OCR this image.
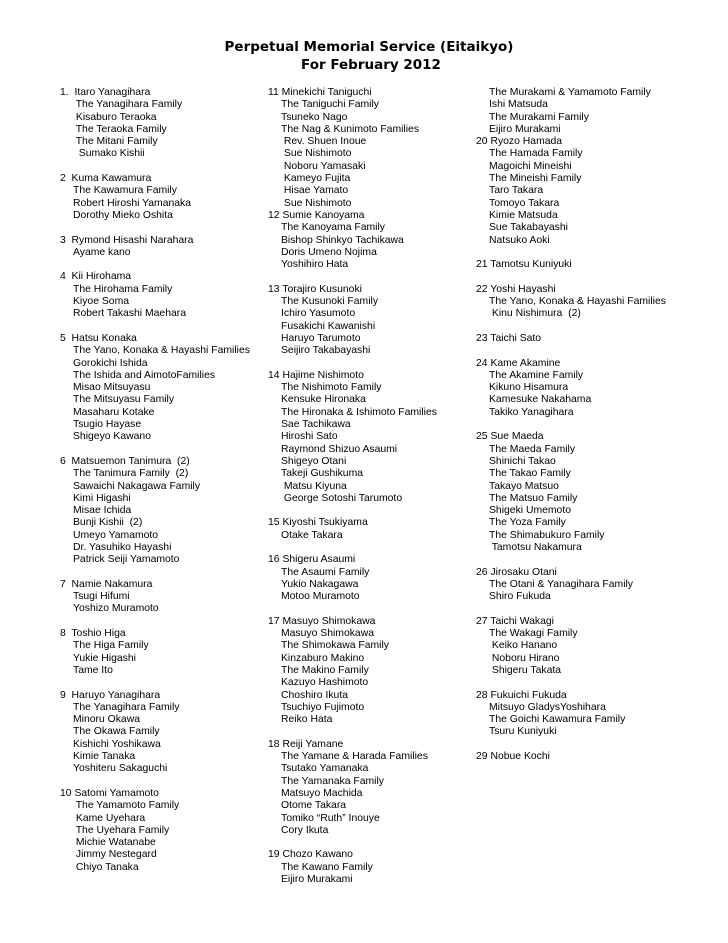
Perpetual Memorial Service (Eitaikyo)
For February 2012
1.  Itaro Yanagihara
The Yanagihara Family
Kisaburo Teraoka
The Teraoka Family
The Mitani Family
Sumako Kishii
2  Kuma Kawamura
The Kawamura Family
Robert Hiroshi Yamanaka
Dorothy Mieko Oshita
3  Rymond Hisashi Narahara
Ayame kano
4  Kii Hirohama
The Hirohama Family
Kiyoe Soma
Robert Takashi Maehara
5  Hatsu Konaka
The Yano, Konaka & Hayashi Families
Gorokichi Ishida
The Ishida and AimotoFamilies
Misao Mitsuyasu
The Mitsuyasu Family
Masaharu Kotake
Tsugio Hayase
Shigeyo Kawano
6  Matsuemon Tanimura  (2)
The Tanimura Family  (2)
Sawaichi Nakagawa Family
Kimi Higashi
Misae Ichida
Bunji Kishii  (2)
Umeyo Yamamoto
Dr. Yasuhiko Hayashi
Patrick Seiji Yamamoto
7  Namie Nakamura
Tsugi Hifumi
Yoshizo Muramoto
8  Toshio Higa
The Higa Family
Yukie Higashi
Tame Ito
9  Haruyo Yanagihara
The Yanagihara Family
Minoru Okawa
The Okawa Family
Kishichi Yoshikawa
Kimie Tanaka
Yoshiteru Sakaguchi
10 Satomi Yamamoto
The Yamamoto Family
Kame Uyehara
The Uyehara Family
Michie Watanabe
Jimmy Nestegard
Chiyo Tanaka
11 Minekichi Taniguchi
The Taniguchi Family
Tsuneko Nago
The Nag & Kunimoto Families
Rev. Shuen Inoue
Sue Nishimoto
Noboru Yamasaki
Kameyo Fujita
Hisae Yamato
Sue Nishimoto
12 Sumie Kanoyama
The Kanoyama Family
Bishop Shinkyo Tachikawa
Doris Umeno Nojima
Yoshihiro Hata
13 Torajiro Kusunoki
The Kusunoki Family
Ichiro Yasumoto
Fusakichi Kawanishi
Haruyo Tarumoto
Seijiro Takabayashi
14 Hajime Nishimoto
The Nishimoto Family
Kensuke Hironaka
The Hironaka & Ishimoto Families
Sae Tachikawa
Hiroshi Sato
Raymond Shizuo Asaumi
Shigeyo Otani
Takeji Gushikuma
Matsu Kiyuna
George Sotoshi Tarumoto
15 Kiyoshi Tsukiyama
Otake Takara
16 Shigeru Asaumi
The Asaumi Family
Yukio Nakagawa
Motoo Muramoto
17 Masuyo Shimokawa
Masuyo Shimokawa
The Shimokawa Family
Kinzaburo Makino
The Makino Family
Kazuyo Hashimoto
Choshiro Ikuta
Tsuchiyo Fujimoto
Reiko Hata
18 Reiji Yamane
The Yamane & Harada Families
Tsutako Yamanaka
The Yamanaka Family
Matsuyo Machida
Otome Takara
Tomiko “Ruth” Inouye
Cory Ikuta
19 Chozo Kawano
The Kawano Family
Eijiro Murakami
The Murakami & Yamamoto Family
Ishi Matsuda
The Murakami Family
Eijiro Murakami
20 Ryozo Hamada
The Hamada Family
Magoichi Mineishi
The Mineishi Family
Taro Takara
Tomoyo Takara
Kimie Matsuda
Sue Takabayashi
Natsuko Aoki
21 Tamotsu Kuniyuki
22 Yoshi Hayashi
The Yano, Konaka & Hayashi Families
Kinu Nishimura  (2)
23 Taichi Sato
24 Kame Akamine
The Akamine Family
Kikuno Hisamura
Kamesuke Nakahama
Takiko Yanagihara
25 Sue Maeda
The Maeda Family
Shinichi Takao
The Takao Family
Takayo Matsuo
The Matsuo Family
Shigeki Umemoto
The Yoza Family
The Shimabukuro Family
Tamotsu Nakamura
26 Jirosaku Otani
The Otani & Yanagihara Family
Shiro Fukuda
27 Taichi Wakagi
The Wakagi Family
Keiko Hanano
Noboru Hirano
Shigeru Takata
28 Fukuichi Fukuda
Mitsuyo GladysYoshihara
The Goichi Kawamura Family
Tsuru Kuniyuki
29 Nobue Kochi
